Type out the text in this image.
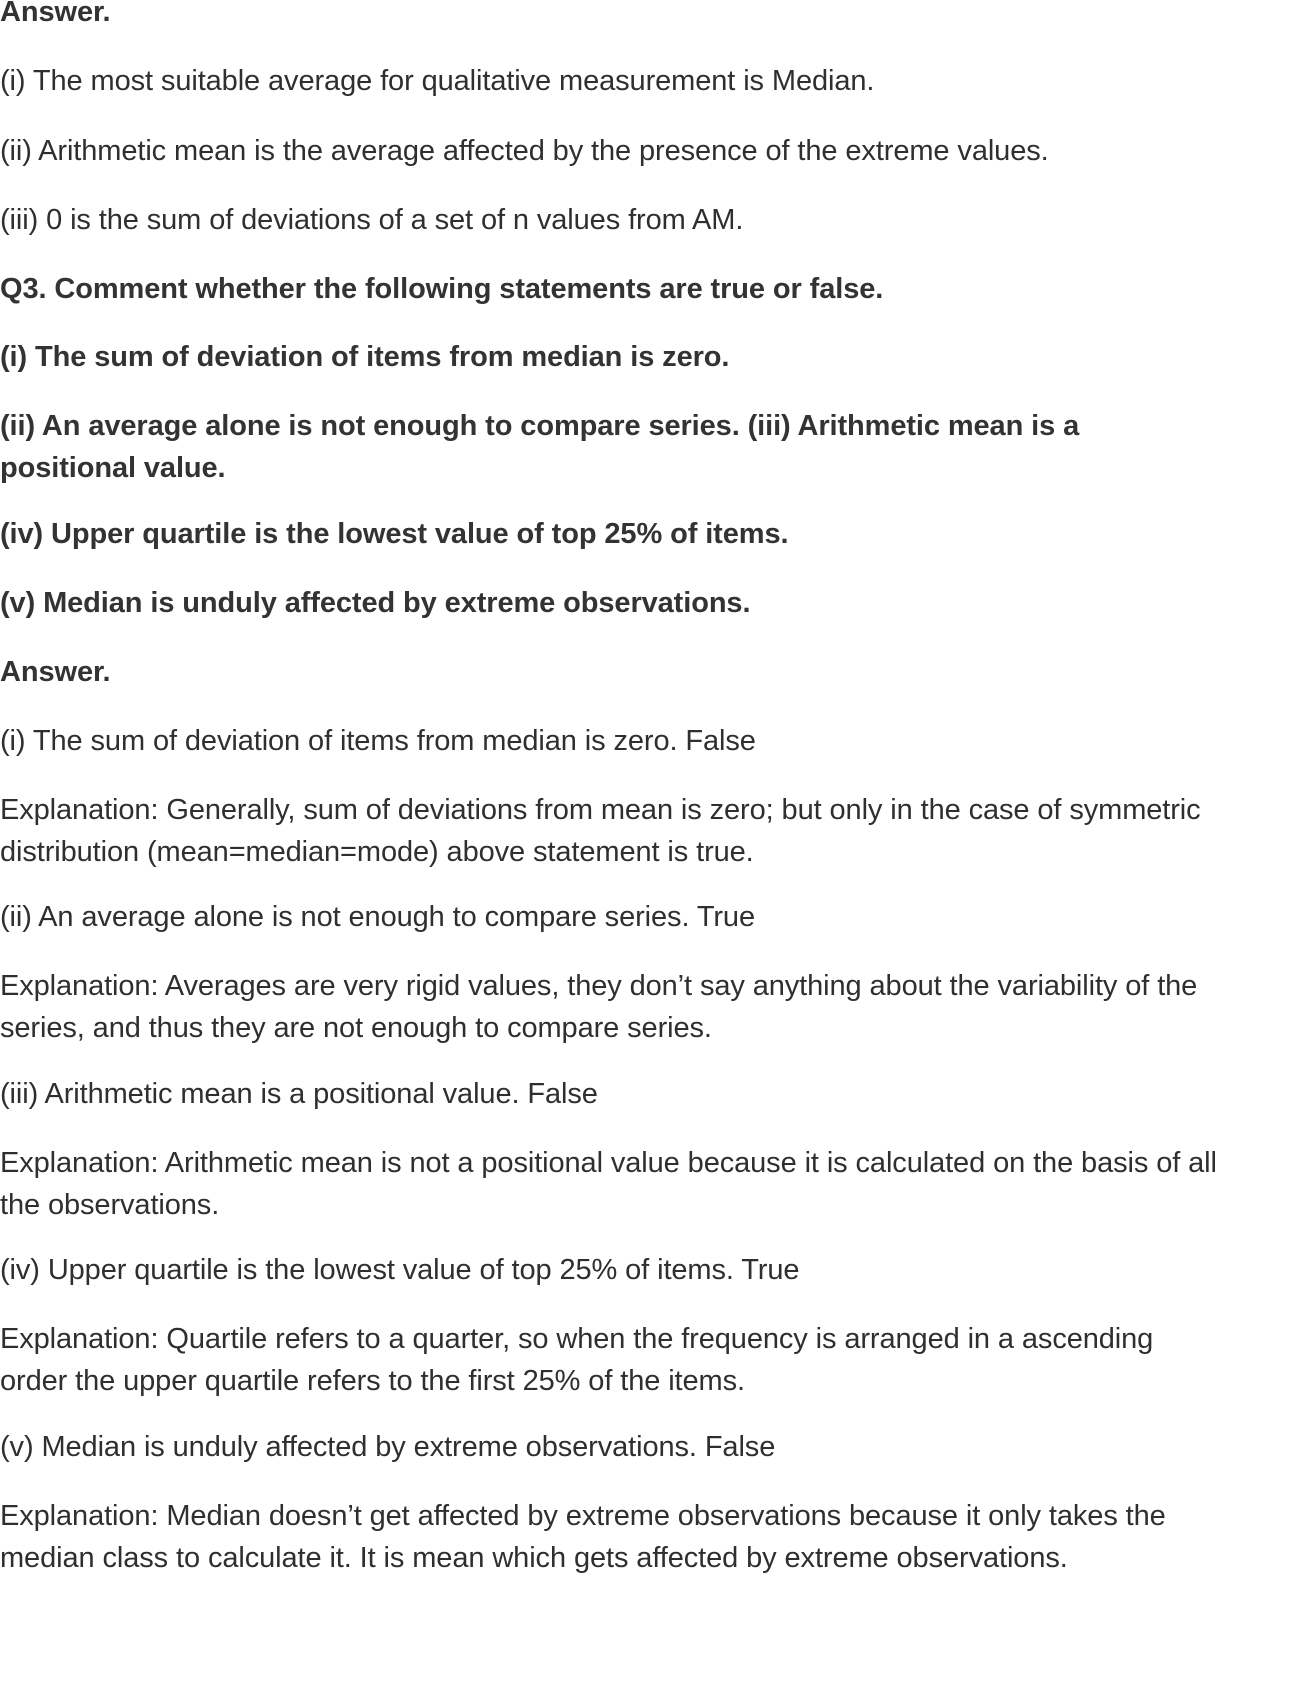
Answer.

(i) The most suitable average for qualitative measurement is Median.

(ii) Arithmetic mean is the average affected by the presence of the extreme values.

(iii) 0 is the sum of deviations of a set of n values from AM.

Q3. Comment whether the following statements are true or false.

(i) The sum of deviation of items from median is zero.

(ii) An average alone is not enough to compare series. (iii) Arithmetic mean is a

positional value.

(iv) Upper quartile is the lowest value of top 25% of items.

(v) Median is unduly affected by extreme observations.

Answer.

(i) The sum of deviation of items from median is zero. False

Explanation: Generally, sum of deviations from mean is zero; but only in the case of symmetric

distribution (mean=median=mode) above statement is true.

(ii) An average alone is not enough to compare series. True

Explanation: Averages are very rigid values, they don’t say anything about the variability of the

series, and thus they are not enough to compare series.

(iii) Arithmetic mean is a positional value. False

Explanation: Arithmetic mean is not a positional value because it is calculated on the basis of all

the observations.

(iv) Upper quartile is the lowest value of top 25% of items. True

Explanation: Quartile refers to a quarter, so when the frequency is arranged in a ascending

order the upper quartile refers to the first 25% of the items.

(v) Median is unduly affected by extreme observations. False

Explanation: Median doesn’t get affected by extreme observations because it only takes the

median class to calculate it. It is mean which gets affected by extreme observations.
